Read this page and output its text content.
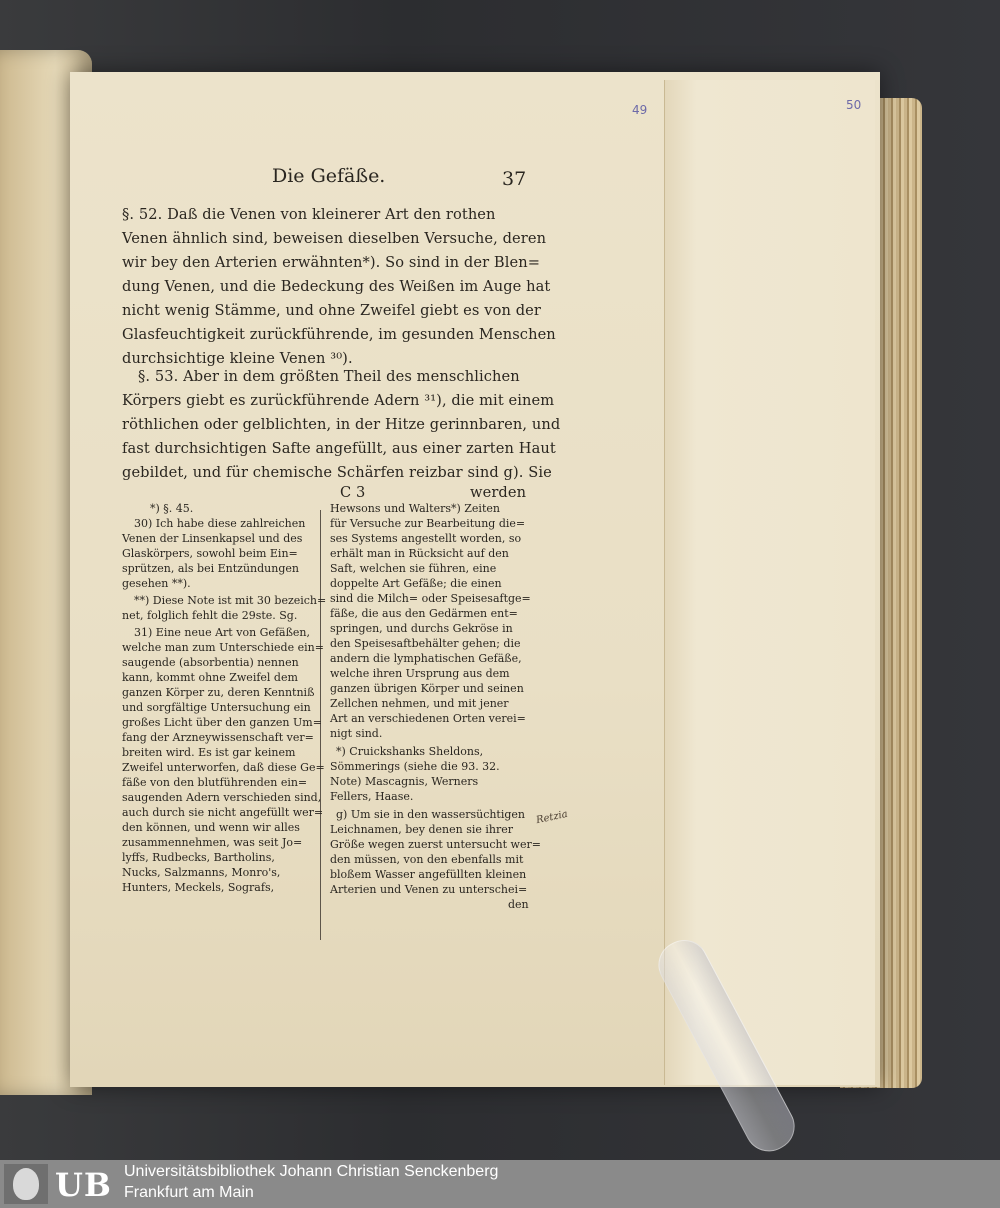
49	50
Die Gefäße.	37
§. 52. Daß die Venen von kleinerer Art den rothen
Venen ähnlich sind, beweisen dieselben Versuche, deren
wir bey den Arterien erwähnten*). So sind in der Blen=
dung Venen, und die Bedeckung des Weißen im Auge hat
nicht wenig Stämme, und ohne Zweifel giebt es von der
Glasfeuchtigkeit zurückführende, im gesunden Menschen
durchsichtige kleine Venen ³⁰).
§. 53. Aber in dem größten Theil des menschlichen
Körpers giebt es zurückführende Adern ³¹), die mit einem
röthlichen oder gelblichten, in der Hitze gerinnbaren, und
fast durchsichtigen Safte angefüllt, aus einer zarten Haut
gebildet, und für chemische Schärfen reizbar sind g). Sie
C 3	werden
*) §. 45.
30) Ich habe diese zahlreichen
Venen der Linsenkapsel und des
Glaskörpers, sowohl beim Ein=
sprützen, als bei Entzündungen
gesehen **).
**) Diese Note ist mit 30 bezeich=
net, folglich fehlt die 29ste. Sg.
31) Eine neue Art von Gefäßen,
welche man zum Unterschiede ein=
saugende (absorbentia) nennen
kann, kommt ohne Zweifel dem
ganzen Körper zu, deren Kenntniß
und sorgfältige Untersuchung ein
großes Licht über den ganzen Um=
fang der Arzneywissenschaft ver=
breiten wird. Es ist gar keinem
Zweifel unterworfen, daß diese Ge=
fäße von den blutführenden ein=
saugenden Adern verschieden sind,
auch durch sie nicht angefüllt wer=
den können, und wenn wir alles
zusammennehmen, was seit Jo=
lyffs, Rudbecks, Bartholins,
Nucks, Salzmanns, Monro's,
Hunters, Meckels, Sografs,
Hewsons und Walters*) Zeiten
für Versuche zur Bearbeitung die=
ses Systems angestellt worden, so
erhält man in Rücksicht auf den
Saft, welchen sie führen, eine
doppelte Art Gefäße; die einen
sind die Milch= oder Speisesaftge=
fäße, die aus den Gedärmen ent=
springen, und durchs Gekröse in
den Speisesaftbehälter gehen; die
andern die lymphatischen Gefäße,
welche ihren Ursprung aus dem
ganzen übrigen Körper und seinen
Zellchen nehmen, und mit jener
Art an verschiedenen Orten verei=
nigt sind.
*) Cruickshanks Sheldons,
Sömmerings (siehe die 93. 32.
Note) Mascagnis, Werners
Fellers, Haase.
g) Um sie in den wassersüchtigen
Leichnamen, bey denen sie ihrer
Größe wegen zuerst untersucht wer=
den müssen, von den ebenfalls mit
bloßem Wasser angefüllten kleinen
Arterien und Venen zu unterschei=
den
Retzia
UB Universitätsbibliothek Johann Christian Senckenberg
Frankfurt am Main
